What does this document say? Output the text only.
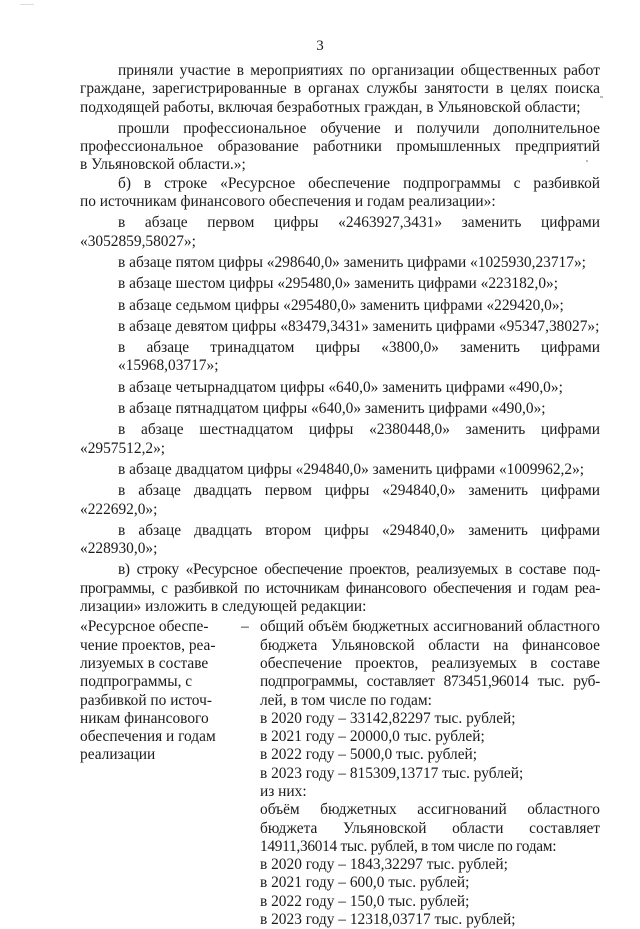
3

приняли участие в мероприятиях по организации общественных работ

граждане, зарегистрированные в органах службы занятости в целях поиска

подходящей работы, включая безработных граждан, в Ульяновской области;

прошли профессиональное обучение и получили дополнительное

профессиональное образование работники промышленных предприятий

в Ульяновской области.»;

б) в строке «Ресурсное обеспечение подпрограммы с разбивкой

по источникам финансового обеспечения и годам реализации»:

в абзаце первом цифры «2463927,3431» заменить цифрами

«3052859,58027»;

в абзаце пятом цифры «298640,0» заменить цифрами «1025930,23717»;

в абзаце шестом цифры «295480,0» заменить цифрами «223182,0»;

в абзаце седьмом цифры «295480,0» заменить цифрами «229420,0»;

в абзаце девятом цифры «83479,3431» заменить цифрами «95347,38027»;

в абзаце тринадцатом цифры «3800,0» заменить цифрами «15968,03717»;

в абзаце четырнадцатом цифры «640,0» заменить цифрами «490,0»;

в абзаце пятнадцатом цифры «640,0» заменить цифрами «490,0»;

в абзаце шестнадцатом цифры «2380448,0» заменить цифрами

«2957512,2»;

в абзаце двадцатом цифры «294840,0» заменить цифрами «1009962,2»;

в абзаце двадцать первом цифры «294840,0» заменить цифрами

«222692,0»;

в абзаце двадцать втором цифры «294840,0» заменить цифрами

«228930,0»;

в) строку «Ресурсное обеспечение проектов, реализуемых в составе под-

программы, с разбивкой по источникам финансового обеспечения и годам реа-

лизации» изложить в следующей редакции:

«Ресурсное обеспе-

чение проектов, реа-

лизуемых в составе

подпрограммы, с

разбивкой по источ-

никам финансового

обеспечения и годам

реализации

– общий объём бюджетных ассигнований областного

бюджета Ульяновской области на финансовое

обеспечение проектов, реализуемых в составе

подпрограммы, составляет 873451,96014 тыс. руб-

лей, в том числе по годам:

в 2020 году – 33142,82297 тыс. рублей;

в 2021 году – 20000,0 тыс. рублей;

в 2022 году – 5000,0 тыс. рублей;

в 2023 году – 815309,13717 тыс. рублей;

из них:

объём бюджетных ассигнований областного

бюджета Ульяновской области составляет

14911,36014 тыс. рублей, в том числе по годам:

в 2020 году – 1843,32297 тыс. рублей;

в 2021 году – 600,0 тыс. рублей;

в 2022 году – 150,0 тыс. рублей;

в 2023 году – 12318,03717 тыс. рублей;
